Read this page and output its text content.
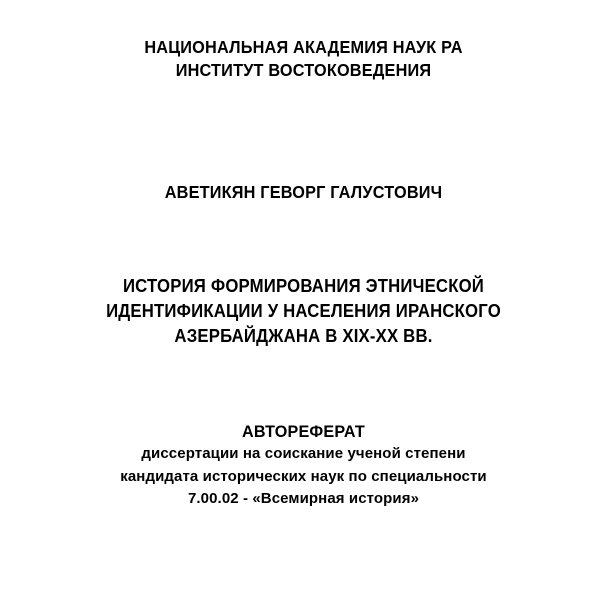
НАЦИОНАЛЬНАЯ АКАДЕМИЯ НАУК РА
ИНСТИТУТ ВОСТОКОВЕДЕНИЯ
АВЕТИКЯН ГЕВОРГ ГАЛУСТОВИЧ
ИСТОРИЯ ФОРМИРОВАНИЯ ЭТНИЧЕСКОЙ
ИДЕНТИФИКАЦИИ У НАСЕЛЕНИЯ ИРАНСКОГО
АЗЕРБАЙДЖАНА В XIX-XX ВВ.
АВТОРЕФЕРАТ
диссертации на соискание ученой степени
кандидата исторических наук по специальности
7.00.02 - «Всемирная история»
